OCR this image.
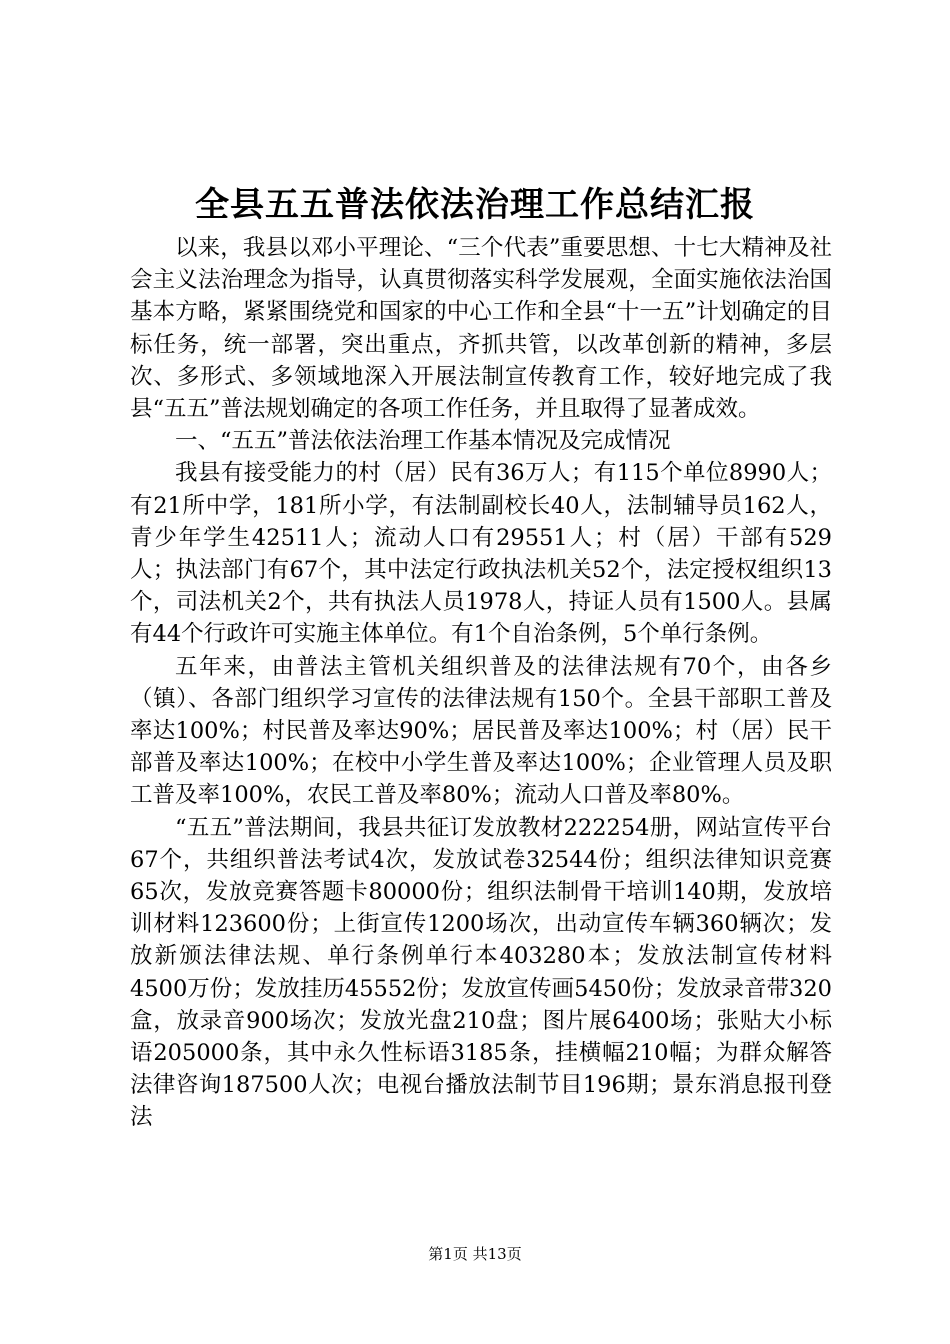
全县五五普法依法治理工作总结汇报

以来，我县以邓小平理论、“三个代表”重要思想、十七大精神及社会主义法治理念为指导，认真贯彻落实科学发展观，全面实施依法治国基本方略，紧紧围绕党和国家的中心工作和全县“十一五”计划确定的目标任务，统一部署，突出重点，齐抓共管，以改革创新的精神，多层次、多形式、多领域地深入开展法制宣传教育工作，较好地完成了我县“五五”普法规划确定的各项工作任务，并且取得了显著成效。

一、“五五”普法依法治理工作基本情况及完成情况

我县有接受能力的村（居）民有36万人；有115个单位8990人；有21所中学，181所小学，有法制副校长40人，法制辅导员162人，青少年学生42511人；流动人口有29551人；村（居）干部有529人；执法部门有67个，其中法定行政执法机关52个，法定授权组织13个，司法机关2个，共有执法人员1978人，持证人员有1500人。县属有44个行政许可实施主体单位。有1个自治条例，5个单行条例。

五年来，由普法主管机关组织普及的法律法规有70个，由各乡（镇）、各部门组织学习宣传的法律法规有150个。全县干部职工普及率达100%；村民普及率达90%；居民普及率达100%；村（居）民干部普及率达100%；在校中小学生普及率达100%；企业管理人员及职工普及率100%，农民工普及率80%；流动人口普及率80%。

“五五”普法期间，我县共征订发放教材222254册，网站宣传平台67个，共组织普法考试4次，发放试卷32544份；组织法律知识竞赛65次，发放竞赛答题卡80000份；组织法制骨干培训140期，发放培训材料123600份；上街宣传1200场次，出动宣传车辆360辆次；发放新颁法律法规、单行条例单行本403280本；发放法制宣传材料4500万份；发放挂历45552份；发放宣传画5450份；发放录音带320盒，放录音900场次；发放光盘210盘；图片展6400场；张贴大小标语205000条，其中永久性标语3185条，挂横幅210幅；为群众解答法律咨询187500人次；电视台播放法制节目196期；景东消息报刊登法

第1页 共13页
